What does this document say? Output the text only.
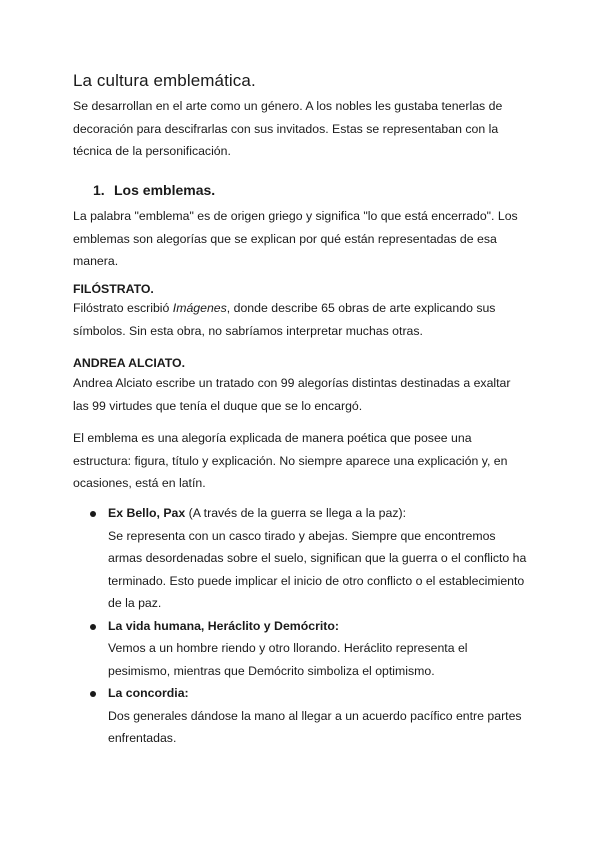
La cultura emblemática.

Se desarrollan en el arte como un género. A los nobles les gustaba tenerlas de decoración para descifrarlas con sus invitados. Estas se representaban con la técnica de la personificación.

1. Los emblemas.

La palabra "emblema" es de origen griego y significa "lo que está encerrado". Los emblemas son alegorías que se explican por qué están representadas de esa manera.

FILÓSTRATO.

Filóstrato escribió Imágenes, donde describe 65 obras de arte explicando sus símbolos. Sin esta obra, no sabríamos interpretar muchas otras.

ANDREA ALCIATO.

Andrea Alciato escribe un tratado con 99 alegorías distintas destinadas a exaltar las 99 virtudes que tenía el duque que se lo encargó.

El emblema es una alegoría explicada de manera poética que posee una estructura: figura, título y explicación. No siempre aparece una explicación y, en ocasiones, está en latín.

Ex Bello, Pax (A través de la guerra se llega a la paz):
Se representa con un casco tirado y abejas. Siempre que encontremos armas desordenadas sobre el suelo, significan que la guerra o el conflicto ha terminado. Esto puede implicar el inicio de otro conflicto o el establecimiento de la paz.
La vida humana, Heráclito y Demócrito:
Vemos a un hombre riendo y otro llorando. Heráclito representa el pesimismo, mientras que Demócrito simboliza el optimismo.
La concordia:
Dos generales dándose la mano al llegar a un acuerdo pacífico entre partes enfrentadas.
